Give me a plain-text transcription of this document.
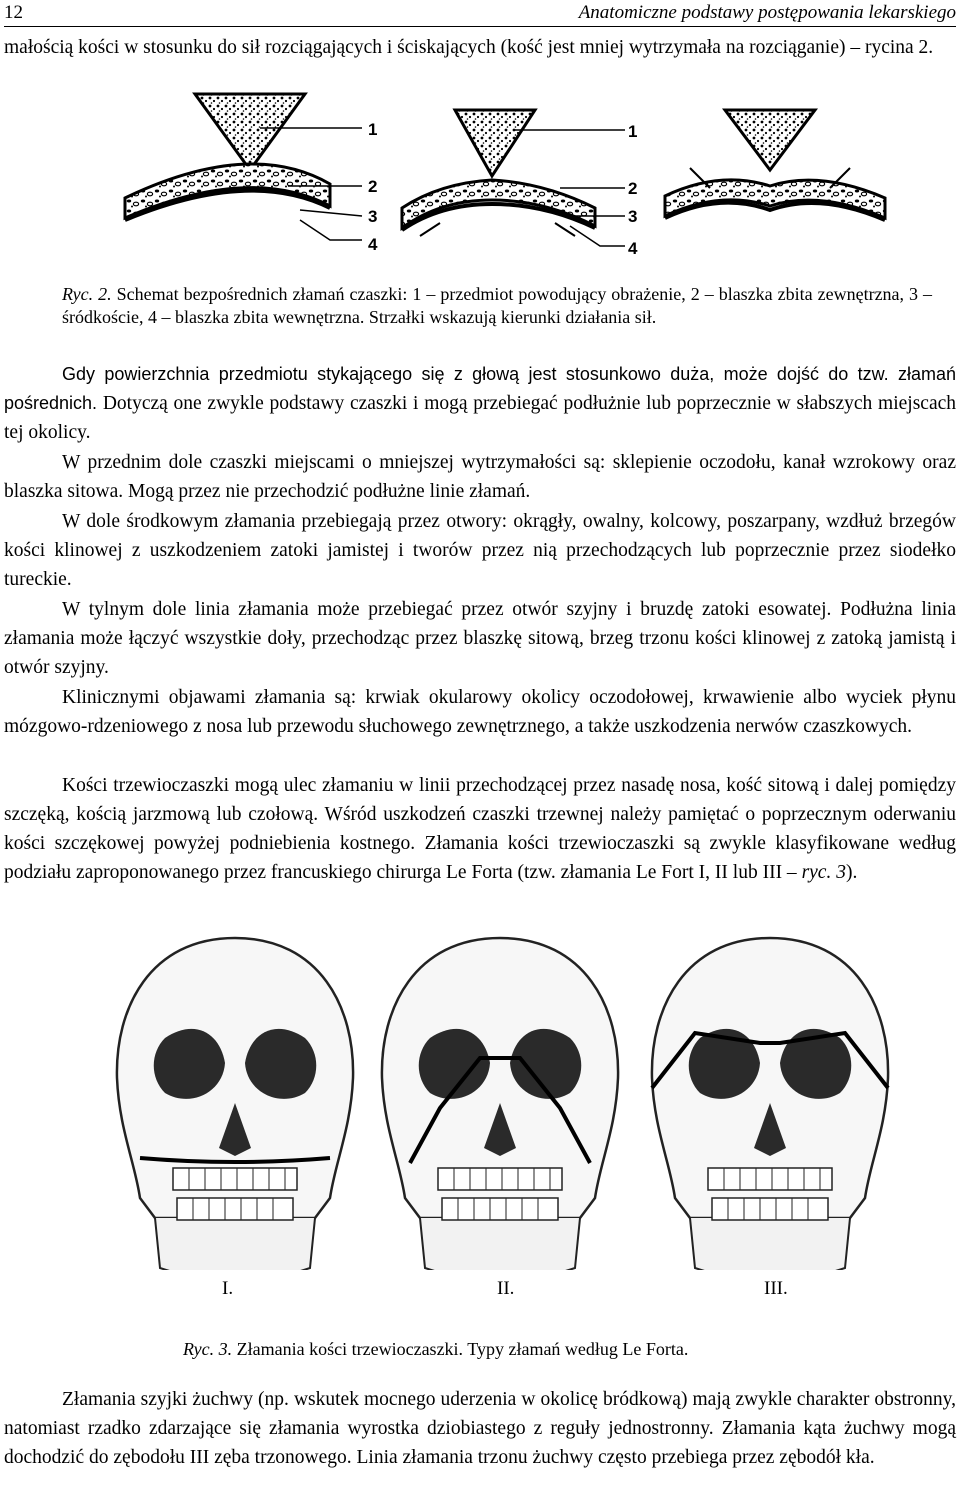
12	Anatomiczne podstawy postępowania lekarskiego

małością kości w stosunku do sił rozciągających i ściskających (kość jest mniej wytrzymała na rozciąganie) – rycina 2.

1
2
3
4
1
2
3
4
Ryc. 2. Schemat bezpośrednich złamań czaszki: 1 – przedmiot powodujący obrażenie, 2 – blaszka zbita zewnętrzna, 3 – śródkoście, 4 – blaszka zbita wewnętrzna. Strzałki wskazują kierunki działania sił.

Gdy powierzchnia przedmiotu stykającego się z głową jest stosunkowo duża, może dojść do tzw. złamań pośrednich. Dotyczą one zwykle podstawy czaszki i mogą przebiegać podłużnie lub poprzecznie w słabszych miejscach tej okolicy.

W przednim dole czaszki miejscami o mniejszej wytrzymałości są: sklepienie oczodołu, kanał wzrokowy oraz blaszka sitowa. Mogą przez nie przechodzić podłużne linie złamań.

W dole środkowym złamania przebiegają przez otwory: okrągły, owalny, kolcowy, poszarpany, wzdłuż brzegów kości klinowej z uszkodzeniem zatoki jamistej i tworów przez nią przechodzących lub poprzecznie przez siodełko tureckie.

W tylnym dole linia złamania może przebiegać przez otwór szyjny i bruzdę zatoki esowatej. Podłużna linia złamania może łączyć wszystkie doły, przechodząc przez blaszkę sitową, brzeg trzonu kości klinowej z zatoką jamistą i otwór szyjny.

Klinicznymi objawami złamania są: krwiak okularowy okolicy oczodołowej, krwawienie albo wyciek płynu mózgowo-rdzeniowego z nosa lub przewodu słuchowego zewnętrznego, a także uszkodzenia nerwów czaszkowych.

Kości trzewioczaszki mogą ulec złamaniu w linii przechodzącej przez nasadę nosa, kość sitową i dalej pomiędzy szczęką, kością jarzmową lub czołową. Wśród uszkodzeń czaszki trzewnej należy pamiętać o poprzecznym oderwaniu kości szczękowej powyżej podniebienia kostnego. Złamania kości trzewioczaszki są zwykle klasyfikowane według podziału zaproponowanego przez francuskiego chirurga Le Forta (tzw. złamania Le Fort I, II lub III – ryc. 3).

I.	II.	III.
Ryc. 3. Złamania kości trzewioczaszki. Typy złamań według Le Forta.

Złamania szyjki żuchwy (np. wskutek mocnego uderzenia w okolicę bródkową) mają zwykle charakter obstronny, natomiast rzadko zdarzające się złamania wyrostka dziobiastego z reguły jednostronny. Złamania kąta żuchwy mogą dochodzić do zębodołu III zęba trzonowego. Linia złamania trzonu żuchwy często przebiega przez zębodół kła.
